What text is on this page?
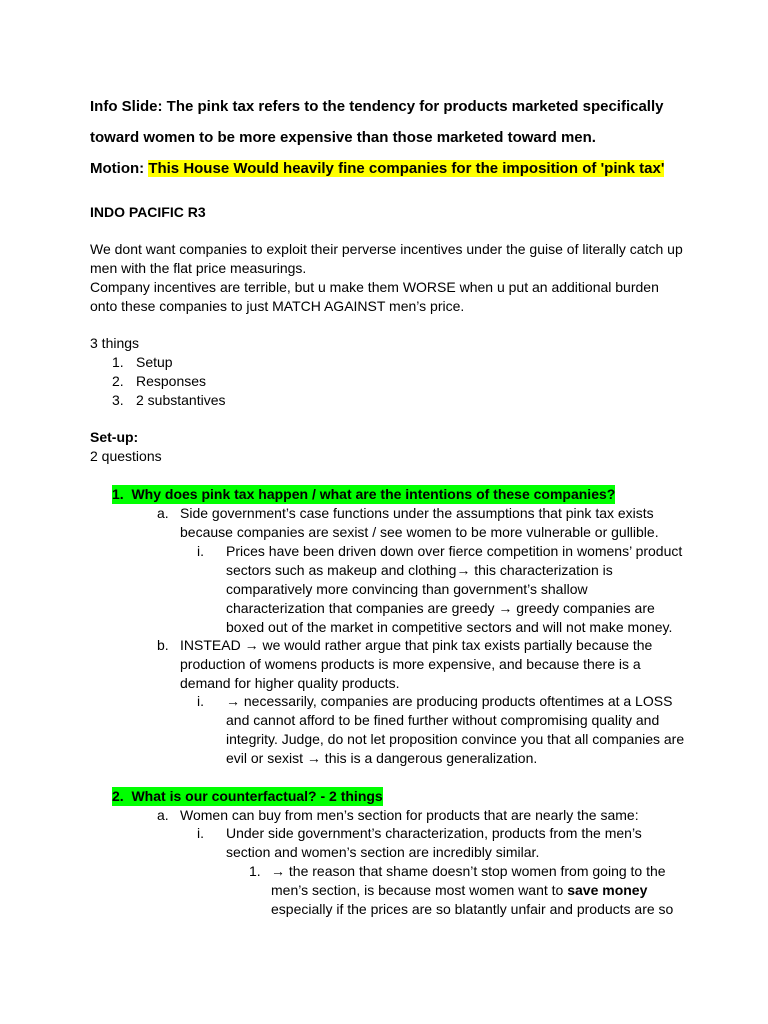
Info Slide: The pink tax refers to the tendency for products marketed specifically
toward women to be more expensive than those marketed toward men.
Motion: This House Would heavily fine companies for the imposition of 'pink tax'
INDO PACIFIC R3
We dont want companies to exploit their perverse incentives under the guise of literally catch up
men with the flat price measurings.
Company incentives are terrible, but u make them WORSE when u put an additional burden
onto these companies to just MATCH AGAINST men’s price.
3 things
1. Setup
2. Responses
3. 2 substantives
Set-up:
2 questions
1. Why does pink tax happen / what are the intentions of these companies?
a. Side government’s case functions under the assumptions that pink tax exists
because companies are sexist / see women to be more vulnerable or gullible.
i. Prices have been driven down over fierce competition in womens’ product
sectors such as makeup and clothing→ this characterization is
comparatively more convincing than government’s shallow
characterization that companies are greedy → greedy companies are
boxed out of the market in competitive sectors and will not make money.
b. INSTEAD → we would rather argue that pink tax exists partially because the
production of womens products is more expensive, and because there is a
demand for higher quality products.
i. → necessarily, companies are producing products oftentimes at a LOSS
and cannot afford to be fined further without compromising quality and
integrity. Judge, do not let proposition convince you that all companies are
evil or sexist → this is a dangerous generalization.
2. What is our counterfactual? - 2 things
a. Women can buy from men’s section for products that are nearly the same:
i. Under side government’s characterization, products from the men’s
section and women’s section are incredibly similar.
1. → the reason that shame doesn’t stop women from going to the
men’s section, is because most women want to save money
especially if the prices are so blatantly unfair and products are so
